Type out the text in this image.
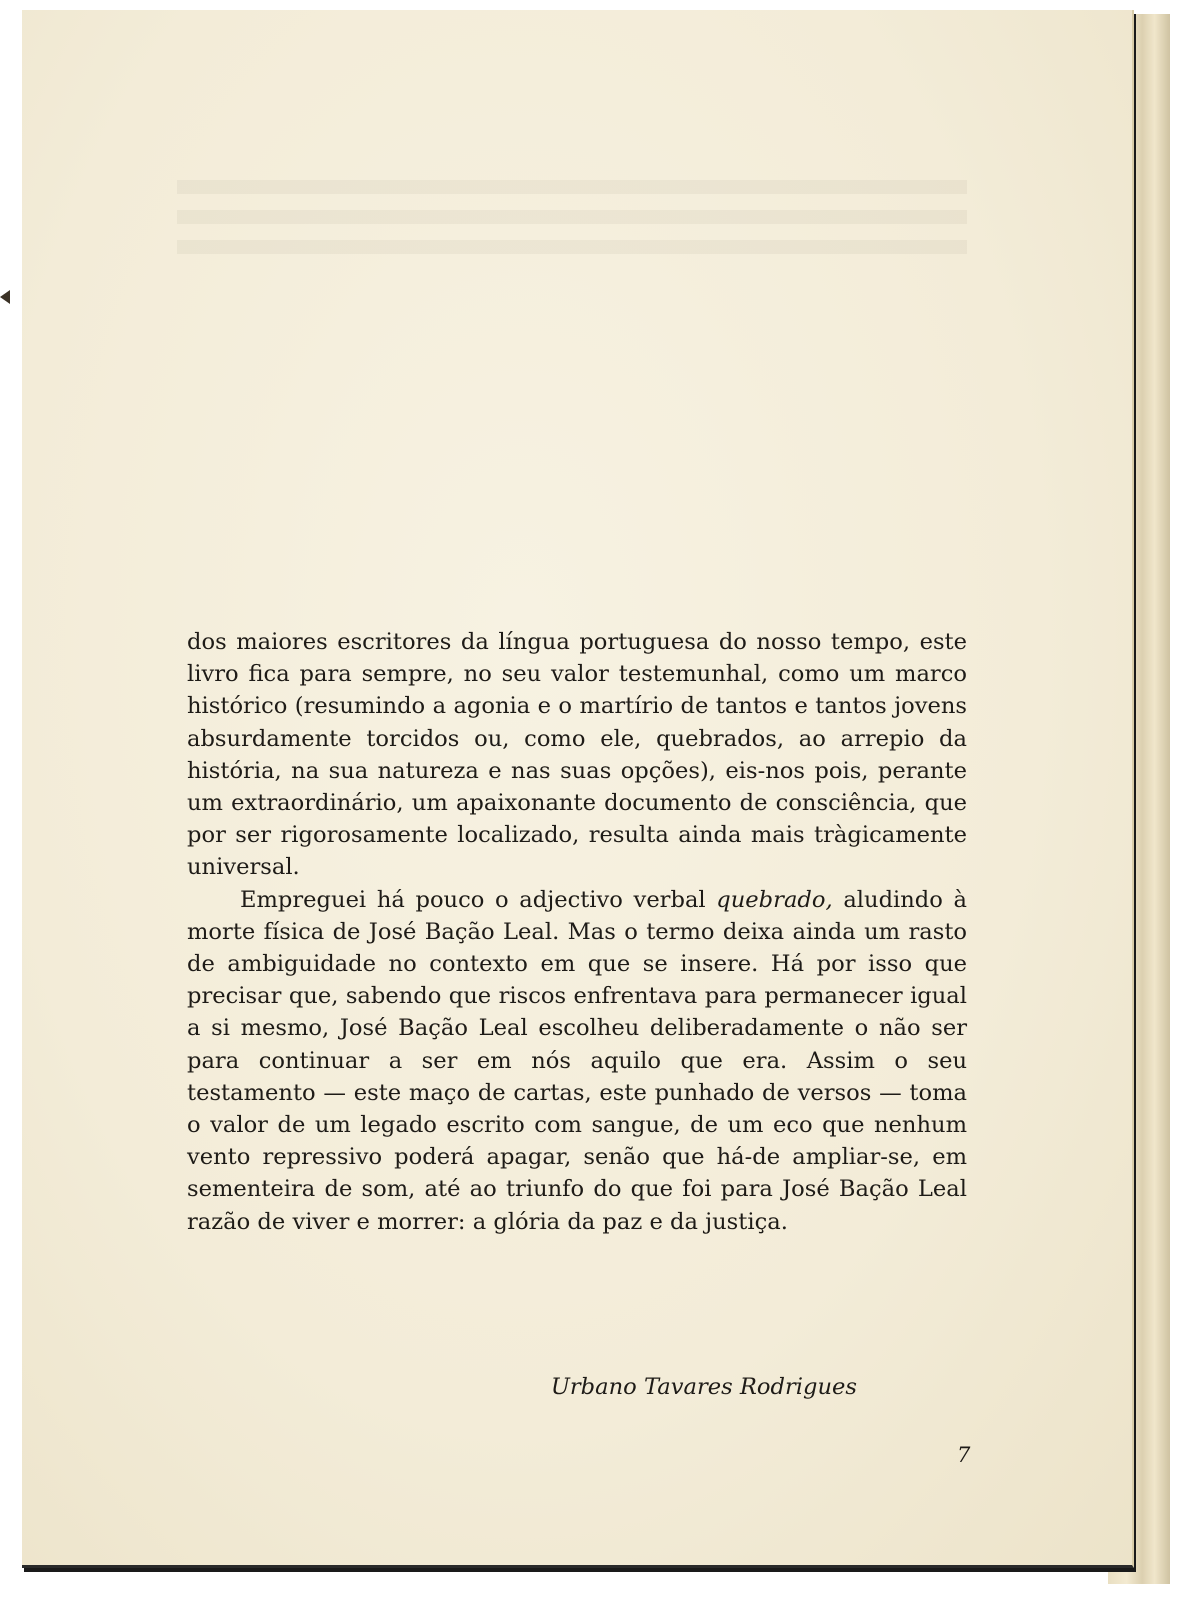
dos maiores escritores da língua portuguesa do nosso tempo, este livro fica para sempre, no seu valor testemunhal, como um marco histórico (resumindo a agonia e o martírio de tantos e tantos jovens absurdamente torcidos ou, como ele, quebrados, ao arrepio da história, na sua natureza e nas suas opções), eis-nos pois, perante um extraordinário, um apaixonante documento de consciência, que por ser rigorosamente localizado, resulta ainda mais tràgicamente universal.

Empreguei há pouco o adjectivo verbal quebrado, aludindo à morte física de José Bação Leal. Mas o termo deixa ainda um rasto de ambiguidade no contexto em que se insere. Há por isso que precisar que, sabendo que riscos enfrentava para permanecer igual a si mesmo, José Bação Leal escolheu deliberadamente o não ser para continuar a ser em nós aquilo que era. Assim o seu testamento — este maço de cartas, este punhado de versos — toma o valor de um legado escrito com sangue, de um eco que nenhum vento repressivo poderá apagar, senão que há-de ampliar-se, em sementeira de som, até ao triunfo do que foi para José Bação Leal razão de viver e morrer: a glória da paz e da justiça.

Urbano Tavares Rodrigues
7
